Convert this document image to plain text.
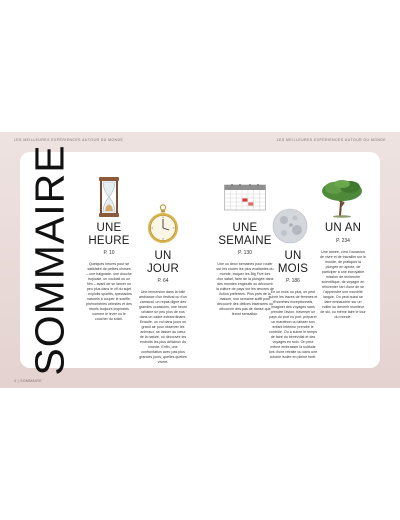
LES MEILLEURES EXPÉRIENCES AUTOUR DU MONDE	LES MEILLEURES EXPÉRIENCES AUTOUR DU MONDE
SOMMAIRE	UNE
HEURE
P. 10
Quelques heures pour se satisfaire de petites choses – une baignade, une douche tropicale, un cocktail ou un film – avant de se lancer un peu plus dans le vif du sujet : exploits sportifs, spectacles naturels à couper le souffle, phénomènes célestes et des rituels toujours inspirants comme le lever ou le coucher du soleil.
UN JOUR
P. 64
Une immersion dans la folle ambiance d'un festival ou d'un carnaval, un repas digne des grandes occasions, une heure urbaine un peu plus de nos dans un cadre extraordinaire. Ensuite, un vol dans jours ou grand air pour observer les animaux, se laisser au cœur de la nature, où découvrir les endroits les plus délicieux du monde. Enfin, une confrontation avec pas plus grandes jours, quelles quelles vivent.
UNE
SEMAINE
P. 130
Une ou deux semaines pour rouler sur les routes les plus exaltantes du monde, traquer les Big Five lors d'un safari, faire de la plongée dans des mondes engloutis ou découvrir la culture de pays sur les œuvres de fiction préférées. Plus prés de la maison, une semaine suffit pour découvrir des délices insensées ou découvrir des pas de danse que feront sensation.
UN MOIS
P. 186
En un mois ou plus, on peut suivre les traces de femmes et d'hommes exceptionnels, imaginer des voyages sans prendre l'avion, traverser un pays du port en port, préparer un marathon ou laisser son enfant intérieur prendre le contrôle. Ou à suivre le temps de faire du bénévolat et des voyages en solo. On peut même embrasser la solitude lors d'une retraite ou dans une colonie isolée en pleine forêt.
UN AN
P. 234
Une année, c'est l'occasion de vivre et de travailler sur le monde, de pratiquer la plongée en apnée, de participer à une incroyable mission de recherche scientifique, de voyager en réinventer l'art d'une de se l'apprendre une nouvelle langue. On peut aussi se faire embaucher sur un voilier ou devenir moniteur de ski, ou même faire le tour du monde.
4 | SOMMAIRE
